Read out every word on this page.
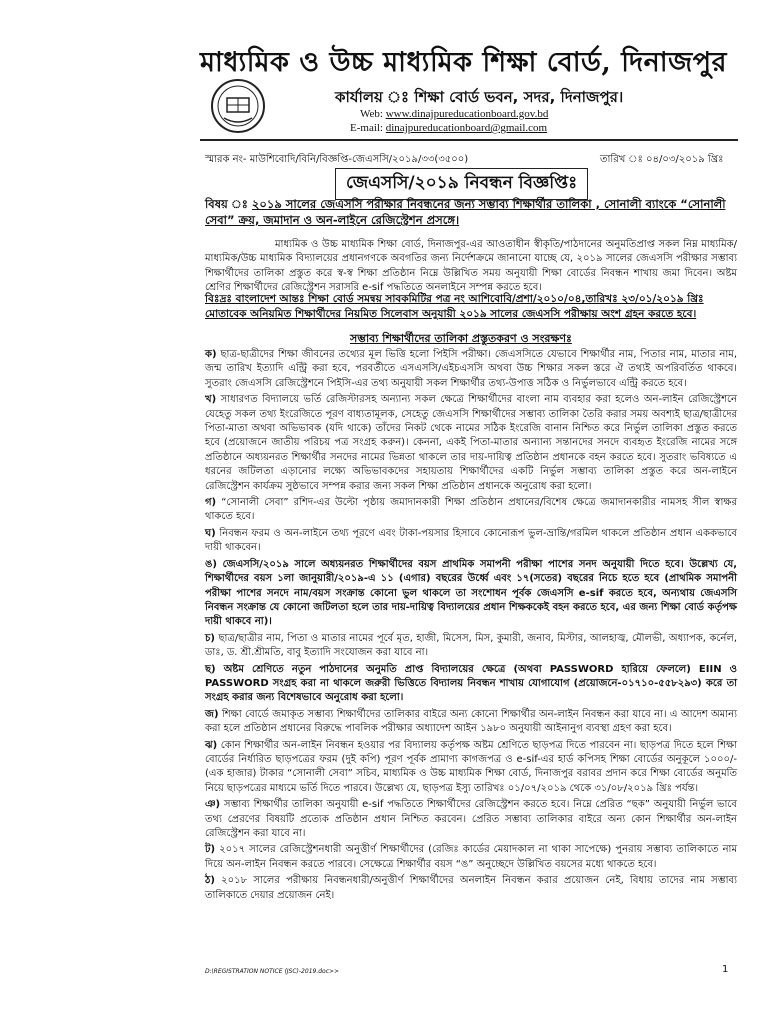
মাধ্যমিক ও উচ্চ মাধ্যমিক শিক্ষা বোর্ড, দিনাজপুর
কার্যালয় ঃ শিক্ষা বোর্ড ভবন, সদর, দিনাজপুর।
Web: www.dinajpureducationboard.gov.bd
E-mail: dinajpureducationboard@gmail.com
স্মারক নং- মাউশিবোদি/বিনি/বিজ্ঞপ্তি-জেএসসি/২০১৯/৩৩(৩৫০০)	তারিখ ঃ ০৪/০৩/২০১৯ খ্রিঃ
জেএসসি/২০১৯ নিবন্ধন বিজ্ঞপ্তিঃ
বিষয় ঃ ২০১৯ সালের জেএসসি পরীক্ষার নিবন্ধনের জন্য সম্ভাব্য শিক্ষার্থীর তালিকা , সোনালী ব্যাংকে “সোনালী সেবা” ক্রয়, জমাদান ও অন-লাইনে রেজিস্ট্রেশন প্রসঙ্গে।
মাধ্যমিক ও উচ্চ মাধ্যমিক শিক্ষা বোর্ড, দিনাজপুর-এর আওতাধীন স্বীকৃতি/পাঠদানের অনুমতিপ্রাপ্ত সকল নিম্ন মাধ্যমিক/মাধ্যমিক/উচ্চ মাধ্যমিক বিদ্যালয়ের প্রধানগণকে অবগতির জন্য নির্দেশক্রমে জানানো যাচ্ছে যে, ২০১৯ সালের জেএসসি পরীক্ষার সম্ভাব্য শিক্ষার্থীদের তালিকা প্রস্তুত করে স্ব-স্ব শিক্ষা প্রতিষ্ঠান নিম্নে উল্লিখিত সময় অনুযায়ী শিক্ষা বোর্ডের নিবন্ধন শাখায় জমা দিবেন। অষ্টম শ্রেণির শিক্ষার্থীদের রেজিস্ট্রেশন সরাসরি e-sif পদ্ধতিতে অনলাইনে সম্পন্ন করতে হবে।
বিঃদ্রঃ বাংলাদেশ আন্তঃ শিক্ষা বোর্ড সমন্বয় সাবকমিটির পত্র নং আশিবোবি/প্রশা/২০১০/০৪,তারিখঃ ২৩/০১/২০১৯ খ্রিঃ মোতাবেক অনিয়মিত শিক্ষার্থীদের নিয়মিত সিলেবাস অনুযায়ী ২০১৯ সালের জেএসসি পরীক্ষায় অংশ গ্রহন করতে হবে।
সম্ভাব্য শিক্ষার্থীদের তালিকা প্রস্তুতকরণ ও সংরক্ষণঃ
ক) ছাত্র-ছাত্রীদের শিক্ষা জীবনের তথ্যের মূল ভিত্তি হলো পিইসি পরীক্ষা। জেএসসিতে যেভাবে শিক্ষার্থীর নাম, পিতার নাম, মাতার নাম, জন্ম তারিখ ইত্যাদি এন্ট্রি করা হবে, পরবর্তীতে এসএসসি/এইচএসসি অথবা উচ্চ শিক্ষার সকল স্তরে ঐ তথ্যই অপরিবর্তিত থাকবে। সুতরাং জেএসসি রেজিস্ট্রেশনে পিইসি-এর তথ্য অনুযায়ী সকল শিক্ষার্থীর তথ্য-উপাত্ত সঠিক ও নির্ভুলভাবে এন্ট্রি করতে হবে।
খ) সাধারণত বিদ্যালয়ে ভর্তি রেজিস্টারসহ অন্যান্য সকল ক্ষেত্রে শিক্ষার্থীদের বাংলা নাম ব্যবহার করা হলেও অন-লাইন রেজিস্ট্রেশনে যেহেতু সকল তথ্য ইংরেজিতে পূরণ বাধ্যতামূলক, সেহেতু জেএসসি শিক্ষার্থীদের সম্ভাব্য তালিকা তৈরি করার সময় অবশ্যই ছাত্র/ছাত্রীদের পিতা-মাতা অথবা অভিভাবক (যদি থাকে) তাঁদের নিকট থেকে নামের সঠিক ইংরেজি বানান নিশ্চিত করে নির্ভুল তালিকা প্রস্তুত করতে হবে (প্রয়োজনে জাতীয় পরিচয় পত্র সংগ্রহ করুন)। কেননা, একই পিতা-মাতার অন্যান্য সন্তানদের সনদে ব্যবহৃত ইংরেজি নামের সঙ্গে প্রতিষ্ঠানে অধ্যয়নরত শিক্ষার্থীর সনদের নামের ভিন্নতা থাকলে তার দায়-দায়িত্ব প্রতিষ্ঠান প্রধানকে বহন করতে হবে। সুতরাং ভবিষ্যতে এ ধরনের জটিলতা এড়ানোর লক্ষ্যে অভিভাবকদের সহায়তায় শিক্ষার্থীদের একটি নির্ভুল সম্ভাব্য তালিকা প্রস্তুত করে অন-লাইনে রেজিস্ট্রেশন কার্যক্রম সুষ্ঠভাবে সম্পন্ন করার জন্য সকল শিক্ষা প্রতিষ্ঠান প্রধানকে অনুরোধ করা হলো।
গ) “সোনালী সেবা” রশিদ-এর উল্টো পৃষ্ঠায় জমাদানকারী শিক্ষা প্রতিষ্ঠান প্রধানের/বিশেষ ক্ষেত্রে জমাদানকারীর নামসহ সীল স্বাক্ষর থাকতে হবে।
ঘ) নিবন্ধন ফরম ও অন-লাইনে তথ্য পূরণে এবং টাকা-পয়সার হিসাবে কোনোরূপ ভুল-ভ্রান্তি/গরমিল থাকলে প্রতিষ্ঠান প্রধান এককভাবে দায়ী থাকবেন।
ঙ) জেএসসি/২০১৯ সালে অধ্যয়নরত শিক্ষার্থীদের বয়স প্রাথমিক সমাপনী পরীক্ষা পাশের সনদ অনুযায়ী দিতে হবে। উল্লেখ্য যে, শিক্ষার্থীদের বয়স ১লা জানুয়ারী/২০১৯-এ ১১ (এগার) বছরের উর্ধ্বে এবং ১৭(সতের) বছরের নিচে হতে হবে (প্রাথমিক সমাপনী পরীক্ষা পাশের সনদে নাম/বয়স সংক্রান্ত কোনো ভুল থাকলে তা সংশোধন পূর্বক জেএসসি e-sif করতে হবে, অন্যথায় জেএসসি নিবন্ধন সংক্রান্ত যে কোনো জটিলতা হলে তার দায়-দায়িত্ব বিদ্যালয়ের প্রধান শিক্ষককেই বহন করতে হবে, এর জন্য শিক্ষা বোর্ড কর্তৃপক্ষ দায়ী থাকবে না)।
চ) ছাত্র/ছাত্রীর নাম, পিতা ও মাতার নামের পূর্বে মৃত, হাজী, মিসেস, মিস, কুমারী, জনাব, মিস্টার, আলহাজ্ব, মৌলভী, অধ্যাপক, কর্নেল, ডাঃ, ড. শ্রী.শ্রীমতি, বাবু ইত্যাদি সংযোজন করা যাবে না।
ছ) অষ্টম শ্রেণিতে নতুন পাঠদানের অনুমতি প্রাপ্ত বিদ্যালয়ের ক্ষেত্রে (অথবা PASSWORD হারিয়ে ফেললে) EIIN ও PASSWORD সংগ্রহ করা না থাকলে জরুরী ভিত্তিতে বিদ্যালয় নিবন্ধন শাখায় যোগাযোগ (প্রয়োজনে-০১৭১০-৫৫৮২৯৩) করে তা সংগ্রহ করার জন্য বিশেষভাবে অনুরোধ করা হলো।
জ) শিক্ষা বোর্ডে জমাকৃত সম্ভাব্য শিক্ষার্থীদের তালিকার বাইরে অন্য কোনো শিক্ষার্থীর অন-লাইন নিবন্ধন করা যাবে না। এ আদেশ অমান্য করা হলে প্রতিষ্ঠান প্রধানের বিরুদ্ধে পাবলিক পরীক্ষার অধ্যাদেশ আইন ১৯৮০ অনুযায়ী আইনানুগ ব্যবস্থা গ্রহণ করা হবে।
ঝ) কোন শিক্ষার্থীর অন-লাইন নিবন্ধন হওয়ার পর বিদ্যালয় কর্তৃপক্ষ অষ্টম শ্রেণিতে ছাড়পত্র দিতে পারবেন না। ছাড়পত্র দিতে হলে শিক্ষা বোর্ডের নির্ধারিত ছাড়পত্রের ফরম (দুই কপি) পূরণ পূর্বক প্রামাণ্য কাগজপত্র ও e-sif-এর হার্ড কপিসহ শিক্ষা বোর্ডের অনুকূলে ১০০০/-(এক হাজার) টাকার “সোনালী সেবা” সচিব, মাধ্যমিক ও উচ্চ মাধ্যমিক শিক্ষা বোর্ড, দিনাজপুর বরাবর প্রদান করে শিক্ষা বোর্ডের অনুমতি নিয়ে ছাড়পত্রের মাধ্যমে ভর্তি দিতে পারবে। উল্লেখ্য যে, ছাড়পত্র ইস্যু তারিখঃ ০১/০৭/২০১৯ থেকে ৩১/০৮/২০১৯ খ্রিঃ পর্যন্ত।
ঞ) সম্ভাব্য শিক্ষার্থীর তালিকা অনুযায়ী e-sif পদ্ধতিতে শিক্ষার্থীদের রেজিস্ট্রেশন করতে হবে। নিম্নে প্রেরিত “ছক” অনুযায়ী নির্ভুল ভাবে তথ্য প্রেরণের বিষয়টি প্রত্যেক প্রতিষ্ঠান প্রধান নিশ্চিত করবেন। প্রেরিত সম্ভাব্য তালিকার বাইরে অন্য কোন শিক্ষার্থীর অন-লাইন রেজিস্ট্রেশন করা যাবে না।
ট) ২০১৭ সালের রেজিস্ট্রেশনধারী অনুত্তীর্ণ শিক্ষার্থীদের (রেজিঃ কার্ডের মেয়াদকাল না থাকা সাপেক্ষে) পুনরায় সম্ভাব্য তালিকাতে নাম দিয়ে অন-লাইন নিবন্ধন করতে পারবে। সেক্ষেত্রে শিক্ষার্থীর বয়স “ঙ” অনুচ্ছেদে উল্লিখিত বয়সের মধ্যে থাকতে হবে।
ঠ) ২০১৮ সালের পরীক্ষায় নিবন্ধনধারী/অনুত্তীর্ণ শিক্ষার্থীদের অনলাইন নিবন্ধন করার প্রয়োজন নেই, বিধায় তাদের নাম সম্ভাব্য তালিকাতে দেয়ার প্রয়োজন নেই।
D:\REGISTRATION NOTICE (JSC)-2019.doc>>	1
